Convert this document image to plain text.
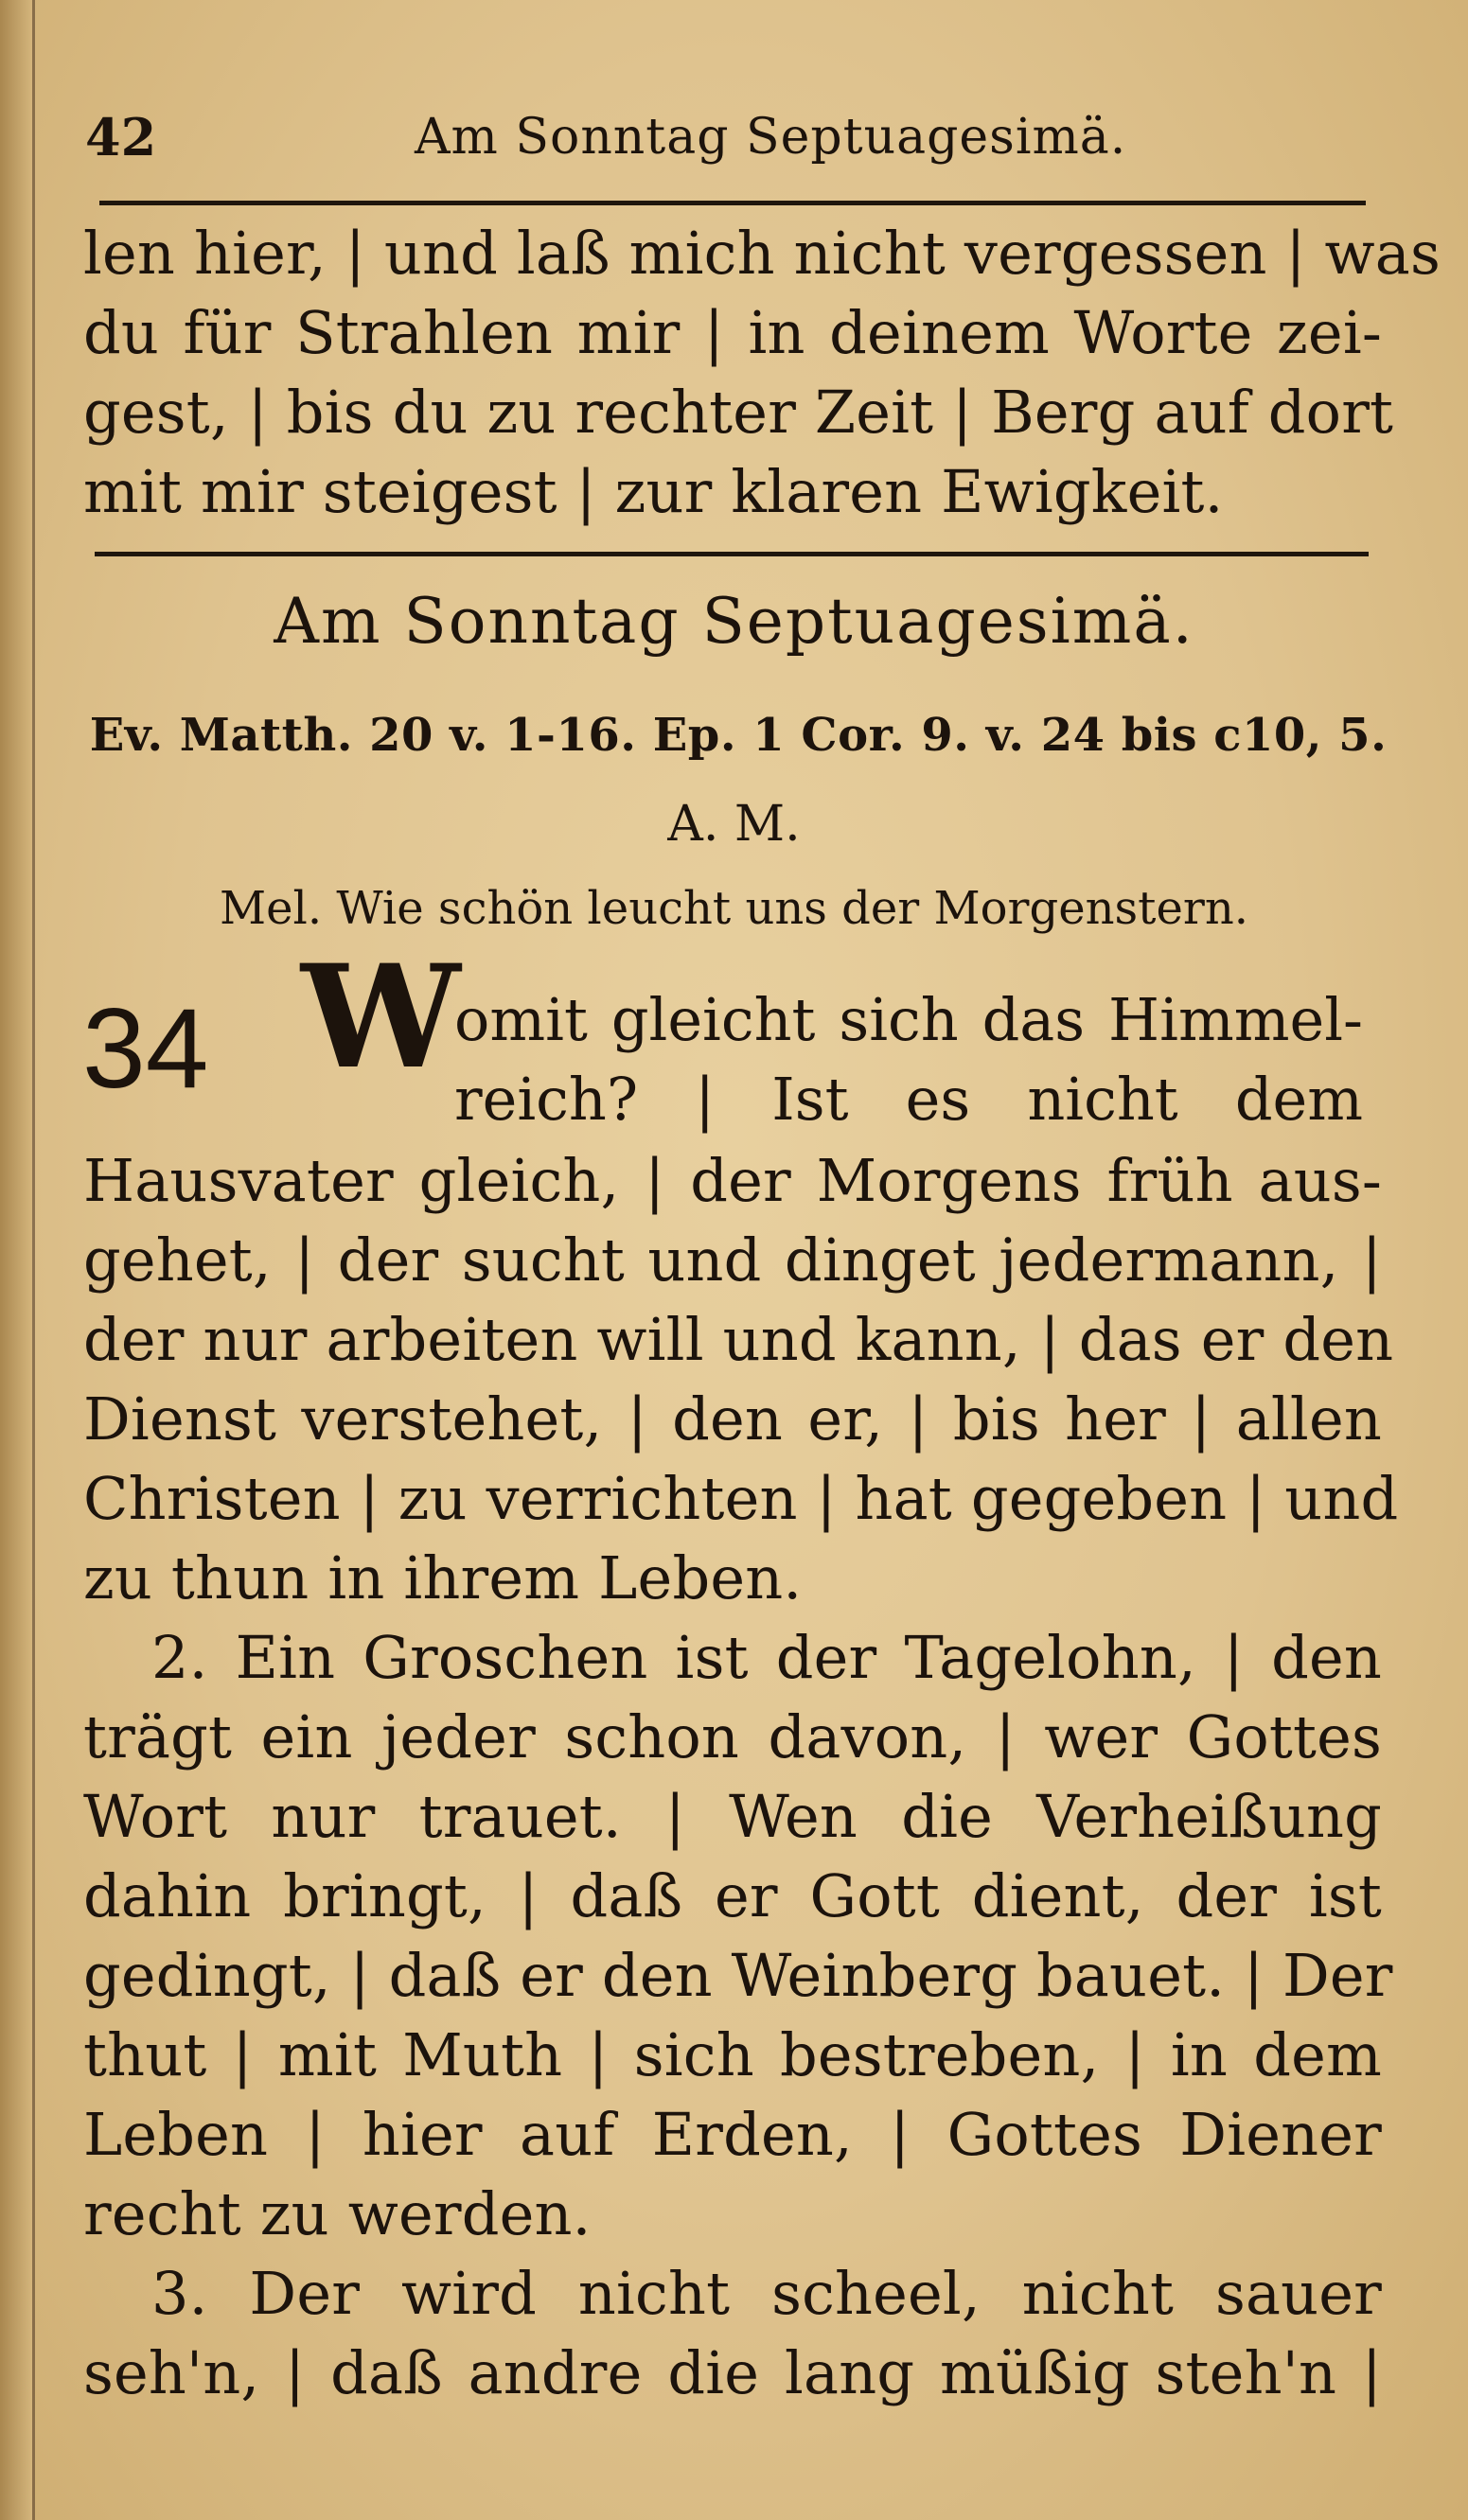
42	Am Sonntag Septuagesimä.
len hier, | und laß mich nicht vergessen | was
du für Strahlen mir | in deinem Worte zei-
gest, | bis du zu rechter Zeit | Berg auf dort
mit mir steigest | zur klaren Ewigkeit.
Am Sonntag Septuagesimä.
Ev. Matth. 20 v. 1-16. Ep. 1 Cor. 9. v. 24 bis c10, 5.
A. M.
Mel. Wie schön leucht uns der Morgenstern.
34 W
omit gleicht sich das Himmel-
reich? | Ist es nicht dem
Hausvater gleich, | der Morgens früh aus-
gehet, | der sucht und dinget jedermann, |
der nur arbeiten will und kann, | das er den
Dienst verstehet, | den er, | bis her | allen
Christen | zu verrichten | hat gegeben | und
zu thun in ihrem Leben.
2. Ein Groschen ist der Tagelohn, | den
trägt ein jeder schon davon, | wer Gottes
Wort nur trauet. | Wen die Verheißung
dahin bringt, | daß er Gott dient, der ist
gedingt, | daß er den Weinberg bauet. | Der
thut | mit Muth | sich bestreben, | in dem
Leben | hier auf Erden, | Gottes Diener
recht zu werden.
3. Der wird nicht scheel, nicht sauer
seh'n, | daß andre die lang müßig steh'n |
